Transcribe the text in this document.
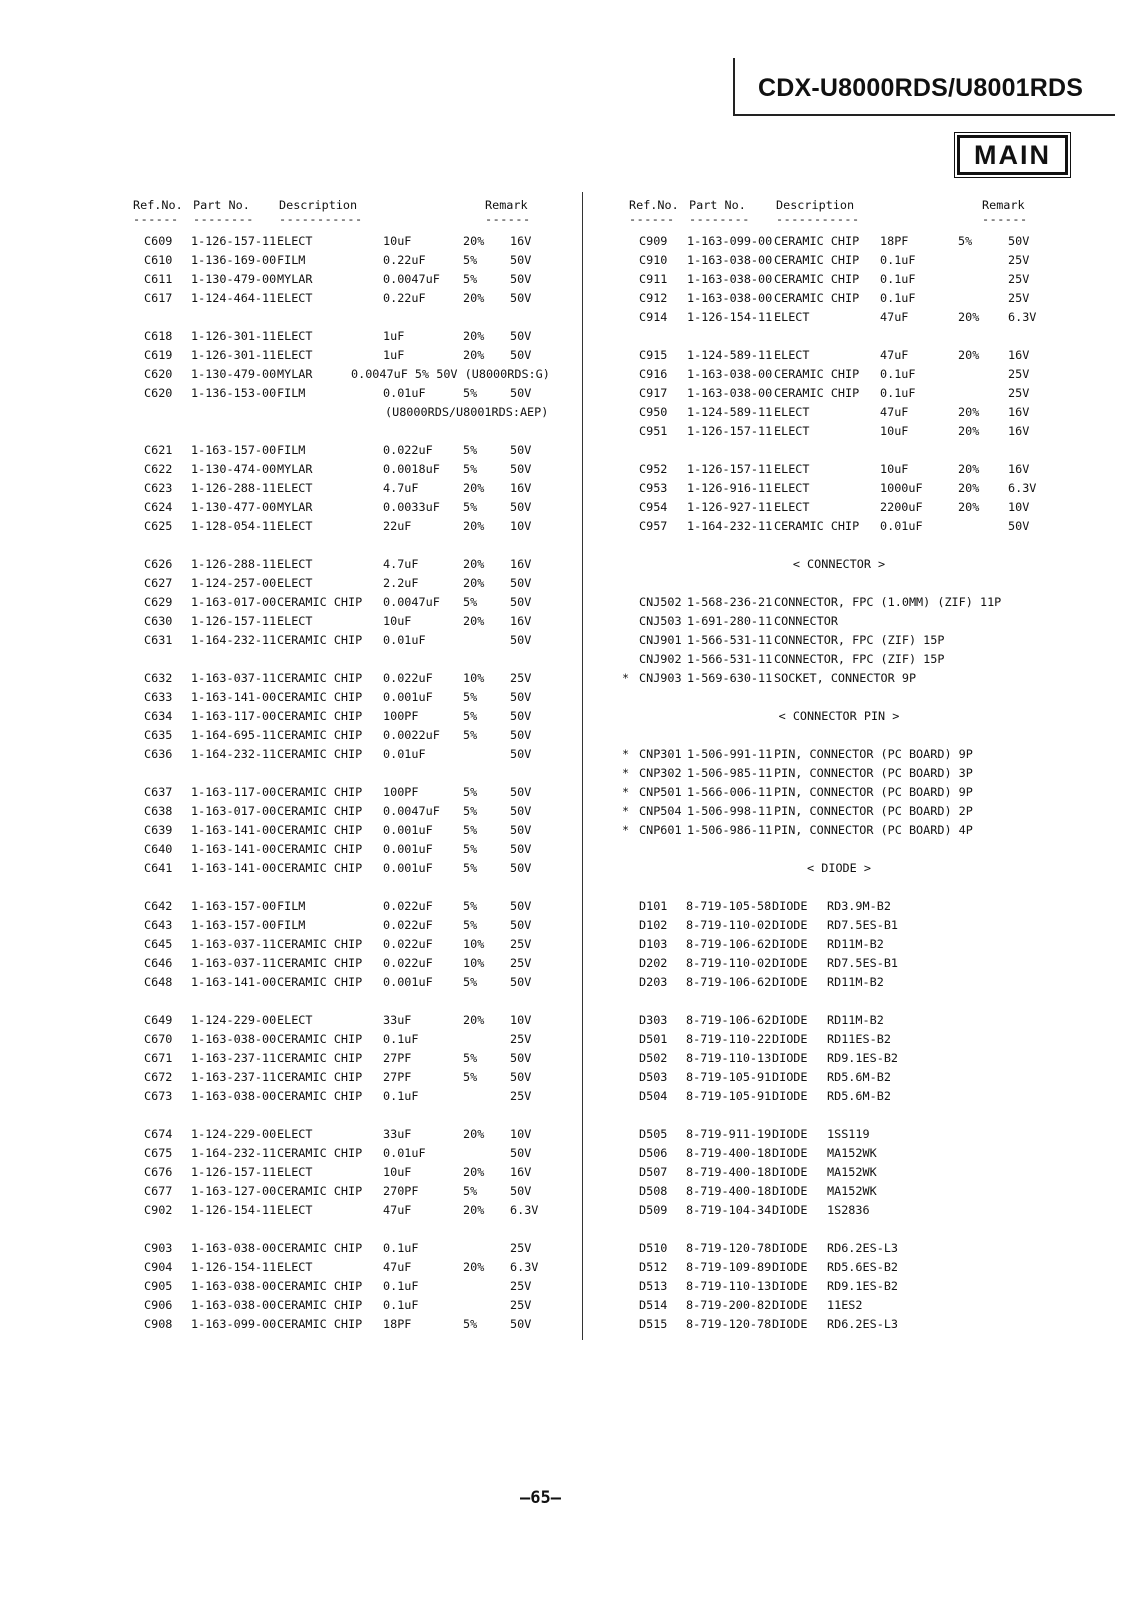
CDX-U8000RDS/U8001RDS
MAIN
Ref.No. Part No. Description	Remark
------ -------- -----------	------
C609 1-126-157-11 ELECT	10uF	20% 16V
C610 1-136-169-00 FILM	0.22uF	5%	50V
C611 1-130-479-00 MYLAR	0.0047uF 5%	50V
C617 1-124-464-11 ELECT	0.22uF	20% 50V
C618 1-126-301-11 ELECT	1uF	20% 50V
C619 1-126-301-11 ELECT	1uF	20% 50V
C620 1-130-479-00 MYLAR	0.0047uF 5% 50V (U8000RDS:G)
C620 1-136-153-00 FILM	0.01uF	5%	50V
(U8000RDS/U8001RDS:AEP)
C621 1-163-157-00 FILM	0.022uF	5%	50V
C622 1-130-474-00 MYLAR	0.0018uF 5%	50V
C623 1-126-288-11 ELECT	4.7uF	20% 16V
C624 1-130-477-00 MYLAR	0.0033uF 5%	50V
C625 1-128-054-11 ELECT	22uF	20% 10V
C626 1-126-288-11 ELECT	4.7uF	20% 16V
C627 1-124-257-00 ELECT	2.2uF	20% 50V
C629 1-163-017-00 CERAMIC CHIP 0.0047uF 5%	50V
C630 1-126-157-11 ELECT	10uF	20% 16V
C631 1-164-232-11 CERAMIC CHIP 0.01uF	50V
C632 1-163-037-11 CERAMIC CHIP 0.022uF	10% 25V
C633 1-163-141-00 CERAMIC CHIP 0.001uF	5%	50V
C634 1-163-117-00 CERAMIC CHIP 100PF	5%	50V
C635 1-164-695-11 CERAMIC CHIP 0.0022uF 5%	50V
C636 1-164-232-11 CERAMIC CHIP 0.01uF	50V
C637 1-163-117-00 CERAMIC CHIP 100PF	5%	50V
C638 1-163-017-00 CERAMIC CHIP 0.0047uF 5%	50V
C639 1-163-141-00 CERAMIC CHIP 0.001uF	5%	50V
C640 1-163-141-00 CERAMIC CHIP 0.001uF	5%	50V
C641 1-163-141-00 CERAMIC CHIP 0.001uF	5%	50V
C642 1-163-157-00 FILM	0.022uF	5%	50V
C643 1-163-157-00 FILM	0.022uF	5%	50V
C645 1-163-037-11 CERAMIC CHIP 0.022uF	10% 25V
C646 1-163-037-11 CERAMIC CHIP 0.022uF	10% 25V
C648 1-163-141-00 CERAMIC CHIP 0.001uF	5%	50V
C649 1-124-229-00 ELECT	33uF	20% 10V
C670 1-163-038-00 CERAMIC CHIP 0.1uF	25V
C671 1-163-237-11 CERAMIC CHIP 27PF	5%	50V
C672 1-163-237-11 CERAMIC CHIP 27PF	5%	50V
C673 1-163-038-00 CERAMIC CHIP 0.1uF	25V
C674 1-124-229-00 ELECT	33uF	20% 10V
C675 1-164-232-11 CERAMIC CHIP 0.01uF	50V
C676 1-126-157-11 ELECT	10uF	20% 16V
C677 1-163-127-00 CERAMIC CHIP 270PF	5%	50V
C902 1-126-154-11 ELECT	47uF	20% 6.3V
C903 1-163-038-00 CERAMIC CHIP 0.1uF	25V
C904 1-126-154-11 ELECT	47uF	20% 6.3V
C905 1-163-038-00 CERAMIC CHIP 0.1uF	25V
C906 1-163-038-00 CERAMIC CHIP 0.1uF	25V
C908 1-163-099-00 CERAMIC CHIP 18PF	5%	50V
Ref.No. Part No.	Description	Remark
------ -------- -----------	------
C909 1-163-099-00 CERAMIC CHIP 18PF	5%	50V
C910 1-163-038-00 CERAMIC CHIP 0.1uF	25V
C911 1-163-038-00 CERAMIC CHIP 0.1uF	25V
C912 1-163-038-00 CERAMIC CHIP 0.1uF	25V
C914 1-126-154-11 ELECT	47uF	20% 6.3V
C915 1-124-589-11 ELECT	47uF	20% 16V
C916 1-163-038-00 CERAMIC CHIP 0.1uF	25V
C917 1-163-038-00 CERAMIC CHIP 0.1uF	25V
C950 1-124-589-11 ELECT	47uF	20% 16V
C951 1-126-157-11 ELECT	10uF	20% 16V
C952 1-126-157-11 ELECT	10uF	20% 16V
C953 1-126-916-11 ELECT	1000uF	20% 6.3V
C954 1-126-927-11 ELECT	2200uF	20% 10V
C957 1-164-232-11 CERAMIC CHIP 0.01uF	50V
< CONNECTOR >
CNJ502 1-568-236-21 CONNECTOR, FPC (1.0MM) (ZIF) 11P
CNJ503 1-691-280-11 CONNECTOR
CNJ901 1-566-531-11 CONNECTOR, FPC (ZIF) 15P
CNJ902 1-566-531-11 CONNECTOR, FPC (ZIF) 15P
* CNJ903 1-569-630-11 SOCKET, CONNECTOR 9P
< CONNECTOR PIN >
* CNP301 1-506-991-11 PIN, CONNECTOR (PC BOARD) 9P
* CNP302 1-506-985-11 PIN, CONNECTOR (PC BOARD) 3P
* CNP501 1-566-006-11 PIN, CONNECTOR (PC BOARD) 9P
* CNP504 1-506-998-11 PIN, CONNECTOR (PC BOARD) 2P
* CNP601 1-506-986-11 PIN, CONNECTOR (PC BOARD) 4P
< DIODE >
D101 8-719-105-58 DIODE RD3.9M-B2
D102 8-719-110-02 DIODE RD7.5ES-B1
D103 8-719-106-62 DIODE RD11M-B2
D202 8-719-110-02 DIODE RD7.5ES-B1
D203 8-719-106-62 DIODE RD11M-B2
D303 8-719-106-62 DIODE RD11M-B2
D501 8-719-110-22 DIODE RD11ES-B2
D502 8-719-110-13 DIODE RD9.1ES-B2
D503 8-719-105-91 DIODE RD5.6M-B2
D504 8-719-105-91 DIODE RD5.6M-B2
D505 8-719-911-19 DIODE 1SS119
D506 8-719-400-18 DIODE MA152WK
D507 8-719-400-18 DIODE MA152WK
D508 8-719-400-18 DIODE MA152WK
D509 8-719-104-34 DIODE 1S2836
D510 8-719-120-78 DIODE RD6.2ES-L3
D512 8-719-109-89 DIODE RD5.6ES-B2
D513 8-719-110-13 DIODE RD9.1ES-B2
D514 8-719-200-82 DIODE 11ES2
D515 8-719-120-78 DIODE RD6.2ES-L3
—65—
